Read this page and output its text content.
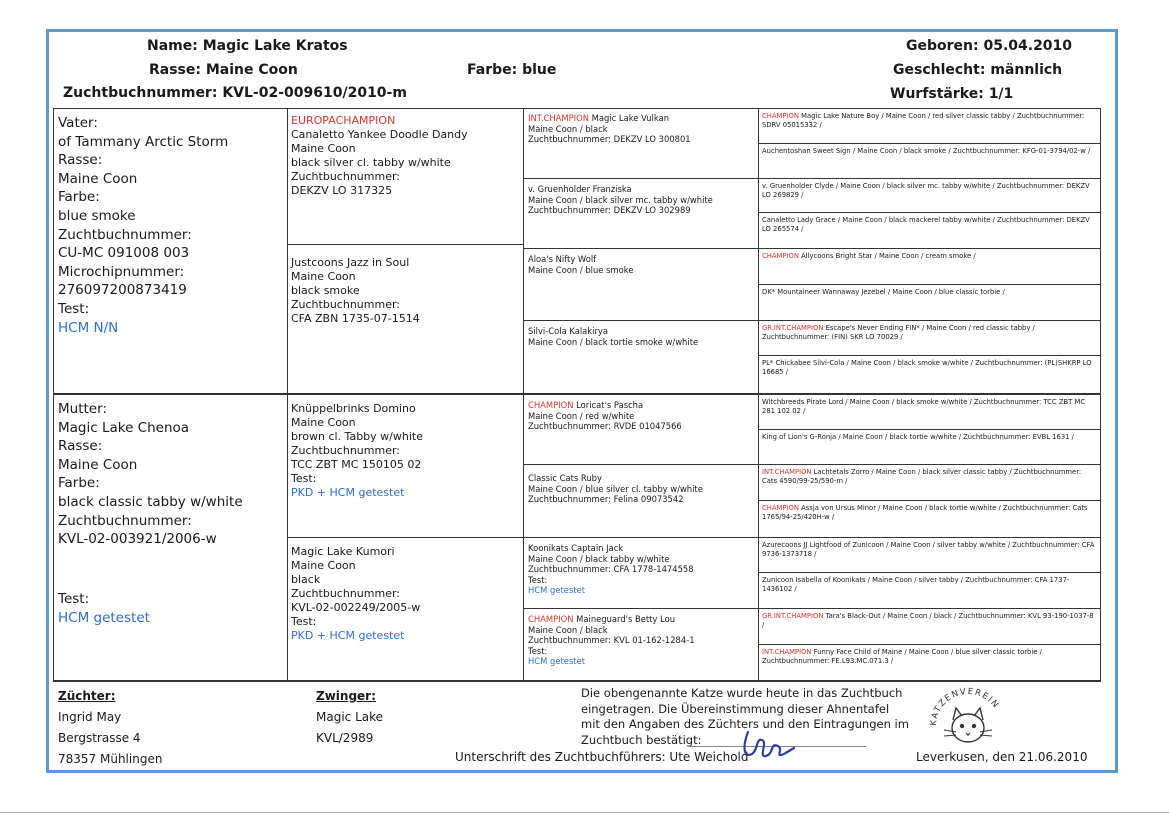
Name: Magic Lake Kratos
Rasse: Maine Coon
Zuchtbuchnummer: KVL-02-009610/2010-m
Farbe: blue
Geboren: 05.04.2010
Geschlecht: männlich
Wurfstärke: 1/1
Vater:
of Tammany Arctic Storm
Rasse:
Maine Coon
Farbe:
blue smoke
Zuchtbuchnummer:
CU-MC 091008 003
Microchipnummer:
276097200873419
Test:
HCM N/N
Mutter:
Magic Lake Chenoa
Rasse:
Maine Coon
Farbe:
black classic tabby w/white
Zuchtbuchnummer:
KVL-02-003921/2006-w
Test:
HCM getestet
EUROPACHAMPION
Canaletto Yankee Doodle Dandy
Maine Coon
black silver cl. tabby w/white
Zuchtbuchnummer:
DEKZV LO 317325
Justcoons Jazz in Soul
Maine Coon
black smoke
Zuchtbuchnummer:
CFA ZBN 1735-07-1514
Knüppelbrinks Domino
Maine Coon
brown cl. Tabby w/white
Zuchtbuchnummer:
TCC ZBT MC 150105 02
Test:
PKD + HCM getestet
Magic Lake Kumori
Maine Coon
black
Zuchtbuchnummer:
KVL-02-002249/2005-w
Test:
PKD + HCM getestet
INT.CHAMPION Magic Lake Vulkan
Maine Coon / black
Zuchtbuchnummer: DEKZV LO 300801
v. Gruenholder Franziska
Maine Coon / black silver mc. tabby w/white
Zuchtbuchnummer: DEKZV LO 302989
Aloa's Nifty Wolf
Maine Coon / blue smoke
Silvi-Cola Kalakirya
Maine Coon / black tortie smoke w/white
CHAMPION Loricat's Pascha
Maine Coon / red w/white
Zuchtbuchnummer: RVDE 01047566
Classic Cats Ruby
Maine Coon / blue silver cl. tabby w/white
Zuchtbuchnummer: Felina 09073542
Koonikats Captain Jack
Maine Coon / black tabby w/white
Zuchtbuchnummer: CFA 1778-1474558
Test:
HCM getestet
CHAMPION Maineguard's Betty Lou
Maine Coon / black
Zuchtbuchnummer: KVL 01-162-1284-1
Test:
HCM getestet
CHAMPION Magic Lake Nature Boy / Maine Coon / red silver classic tabby / Zuchtbuchnummer: SDRV 05015332 /
Auchentoshan Sweet Sign / Maine Coon / black smoke / Zuchtbuchnummer: KFG-01-3794/02-w /
v. Gruenholder Clyde / Maine Coon / black silver mc. tabby w/white / Zuchtbuchnummer: DEKZV LO 269829 /
Canaletto Lady Grace / Maine Coon / black mackerel tabby w/white / Zuchtbuchnummer: DEKZV LO 265574 /
CHAMPION Allycoons Bright Star / Maine Coon / cream smoke /
DK* Mountaineer Wannaway Jezebel / Maine Coon / blue classic torbie /
GR.INT.CHAMPION Escape's Never Ending FIN* / Maine Coon / red classic tabby / Zuchtbuchnummer: (FIN) SKR LO 70029 /
PL* Chickabee Silvi-Cola / Maine Coon / black smoke w/white / Zuchtbuchnummer: (PL)SHKRP LO 16685 /
Witchbreeds Pirate Lord / Maine Coon / black smoke w/white / Zuchtbuchnummer: TCC ZBT MC 281 102 02 /
King of Lion's G-Ronja / Maine Coon / black tortie w/white / Zuchtbuchnummer: EVBL 1631 /
INT.CHAMPION Lachtetals Zorro / Maine Coon / black silver classic tabby / Zuchtbuchnummer: Cats 4590/99-25/590-m /
CHAMPION Assja von Ursus Minor / Maine Coon / black tortie w/white / Zuchtbuchnummer: Cats 1765/94-25/420H-w /
Azurecoons JJ Lightfood of Zunicoon / Maine Coon / silver tabby w/white / Zuchtbuchnummer: CFA 9736-1373718 /
Zunicoon Isabella of Koonikats / Maine Coon / silver tabby / Zuchtbuchnummer: CFA 1737-1436102 /
GR.INT.CHAMPION Tara's Black-Out / Maine Coon / black / Zuchtbuchnummer: KVL 93-190-1037-8 /
INT.CHAMPION Funny Face Child of Maine / Maine Coon / blue silver classic torbie / Zuchtbuchnummer: FE.L93.MC.071.3 /
Züchter:
Ingrid May
Bergstrasse 4
78357 Mühlingen
Zwinger:
Magic Lake
KVL/2989
Die obengenannte Katze wurde heute in das Zuchtbuch
eingetragen. Die Übereinstimmung dieser Ahnentafel
mit den Angaben des Züchters und den Eintragungen im
Zuchtbuch bestätigt:
Unterschrift des Zuchtbuchführers: Ute Weichold	Leverkusen, den 21.06.2010
KATZENVEREIN
